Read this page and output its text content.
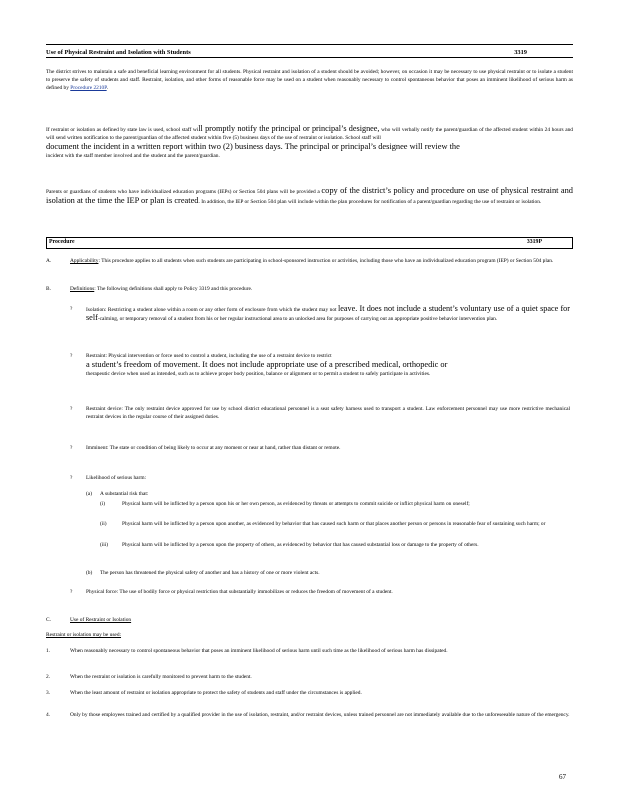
Use of Physical Restraint and Isolation with Students	3319
The district strives to maintain a safe and beneficial learning environment for all students. Physical restraint and isolation of a student should be avoided; however, on occasion it may be necessary to use physical restraint or to isolate a student to preserve the safety of students and staff. Restraint, isolation, and other forms of reasonable force may be used on a student when reasonably necessary to control spontaneous behavior that poses an imminent likelihood of serious harm as defined by Procedure 2210P.
If restraint or isolation as defined by state law is used, school staff will promptly notify the principal or principal’s designee, who will verbally notify the parent/guardian of the affected student within 24 hours and will send written notification to the parent/guardian of the affected student within five (5) business days of the use of restraint or isolation. School staff will
document the incident in a written report within two (2) business days. The principal or principal’s designee will review the
incident with the staff member involved and the student and the parent/guardian.
Parents or guardians of students who have individualized education programs (IEPs) or Section 504 plans will be provided a copy of the district’s policy and procedure on use of physical restraint and isolation at the time the IEP or plan is created. In addition, the IEP or Section 504 plan will include within the plan procedures for notification of a parent/guardian regarding the use of restraint or isolation.
Procedure	3319P
A.	Applicability: This procedure applies to all students when such students are participating in school-sponsored instruction or activities, including those who have an individualized education program (IEP) or Section 504 plan.
B.	Definitions: The following definitions shall apply to Policy 3319 and this procedure.
?	Isolation: Restricting a student alone within a room or any other form of enclosure from which the student may not leave. It does not include a student’s voluntary use of a quiet space for self-calming, or temporary removal of a student from his or her regular instructional area to an unlocked area for purposes of carrying out an appropriate positive behavior intervention plan.
?	Restraint: Physical intervention or force used to control a student, including the use of a restraint device to restrict
a student’s freedom of movement. It does not include appropriate use of a prescribed medical, orthopedic or
therapeutic device when used as intended, such as to achieve proper body position, balance or alignment or to permit a student to safely participate in activities.
?	Restraint device: The only restraint device approved for use by school district educational personnel is a seat safety harness used to transport a student. Law enforcement personnel may use more restrictive mechanical restraint devices in the regular course of their assigned duties.
?	Imminent: The state or condition of being likely to occur at any moment or near at hand, rather than distant or remote.
?	Likelihood of serious harm:
(a) A substantial risk that:
(i)	Physical harm will be inflicted by a person upon his or her own person, as evidenced by threats or attempts to commit suicide or inflict physical harm on oneself;
(ii)	Physical harm will be inflicted by a person upon another, as evidenced by behavior that has caused such harm or that places another person or persons in reasonable fear of sustaining such harm; or
(iii)	Physical harm will be inflicted by a person upon the property of others, as evidenced by behavior that has caused substantial loss or damage to the property of others.
(b) The person has threatened the physical safety of another and has a history of one or more violent acts.
?	Physical force: The use of bodily force or physical restriction that substantially immobilizes or reduces the freedom of movement of a student.
C.	Use of Restraint or Isolation
Restraint or isolation may be used:
1.	When reasonably necessary to control spontaneous behavior that poses an imminent likelihood of serious harm until such time as the likelihood of serious harm has dissipated.
2.	When the restraint or isolation is carefully monitored to prevent harm to the student.
3.	When the least amount of restraint or isolation appropriate to protect the safety of students and staff under the circumstances is applied.
4.	Only by those employees trained and certified by a qualified provider in the use of isolation, restraint, and/or restraint devices, unless trained personnel are not immediately available due to the unforeseeable nature of the emergency.
67
